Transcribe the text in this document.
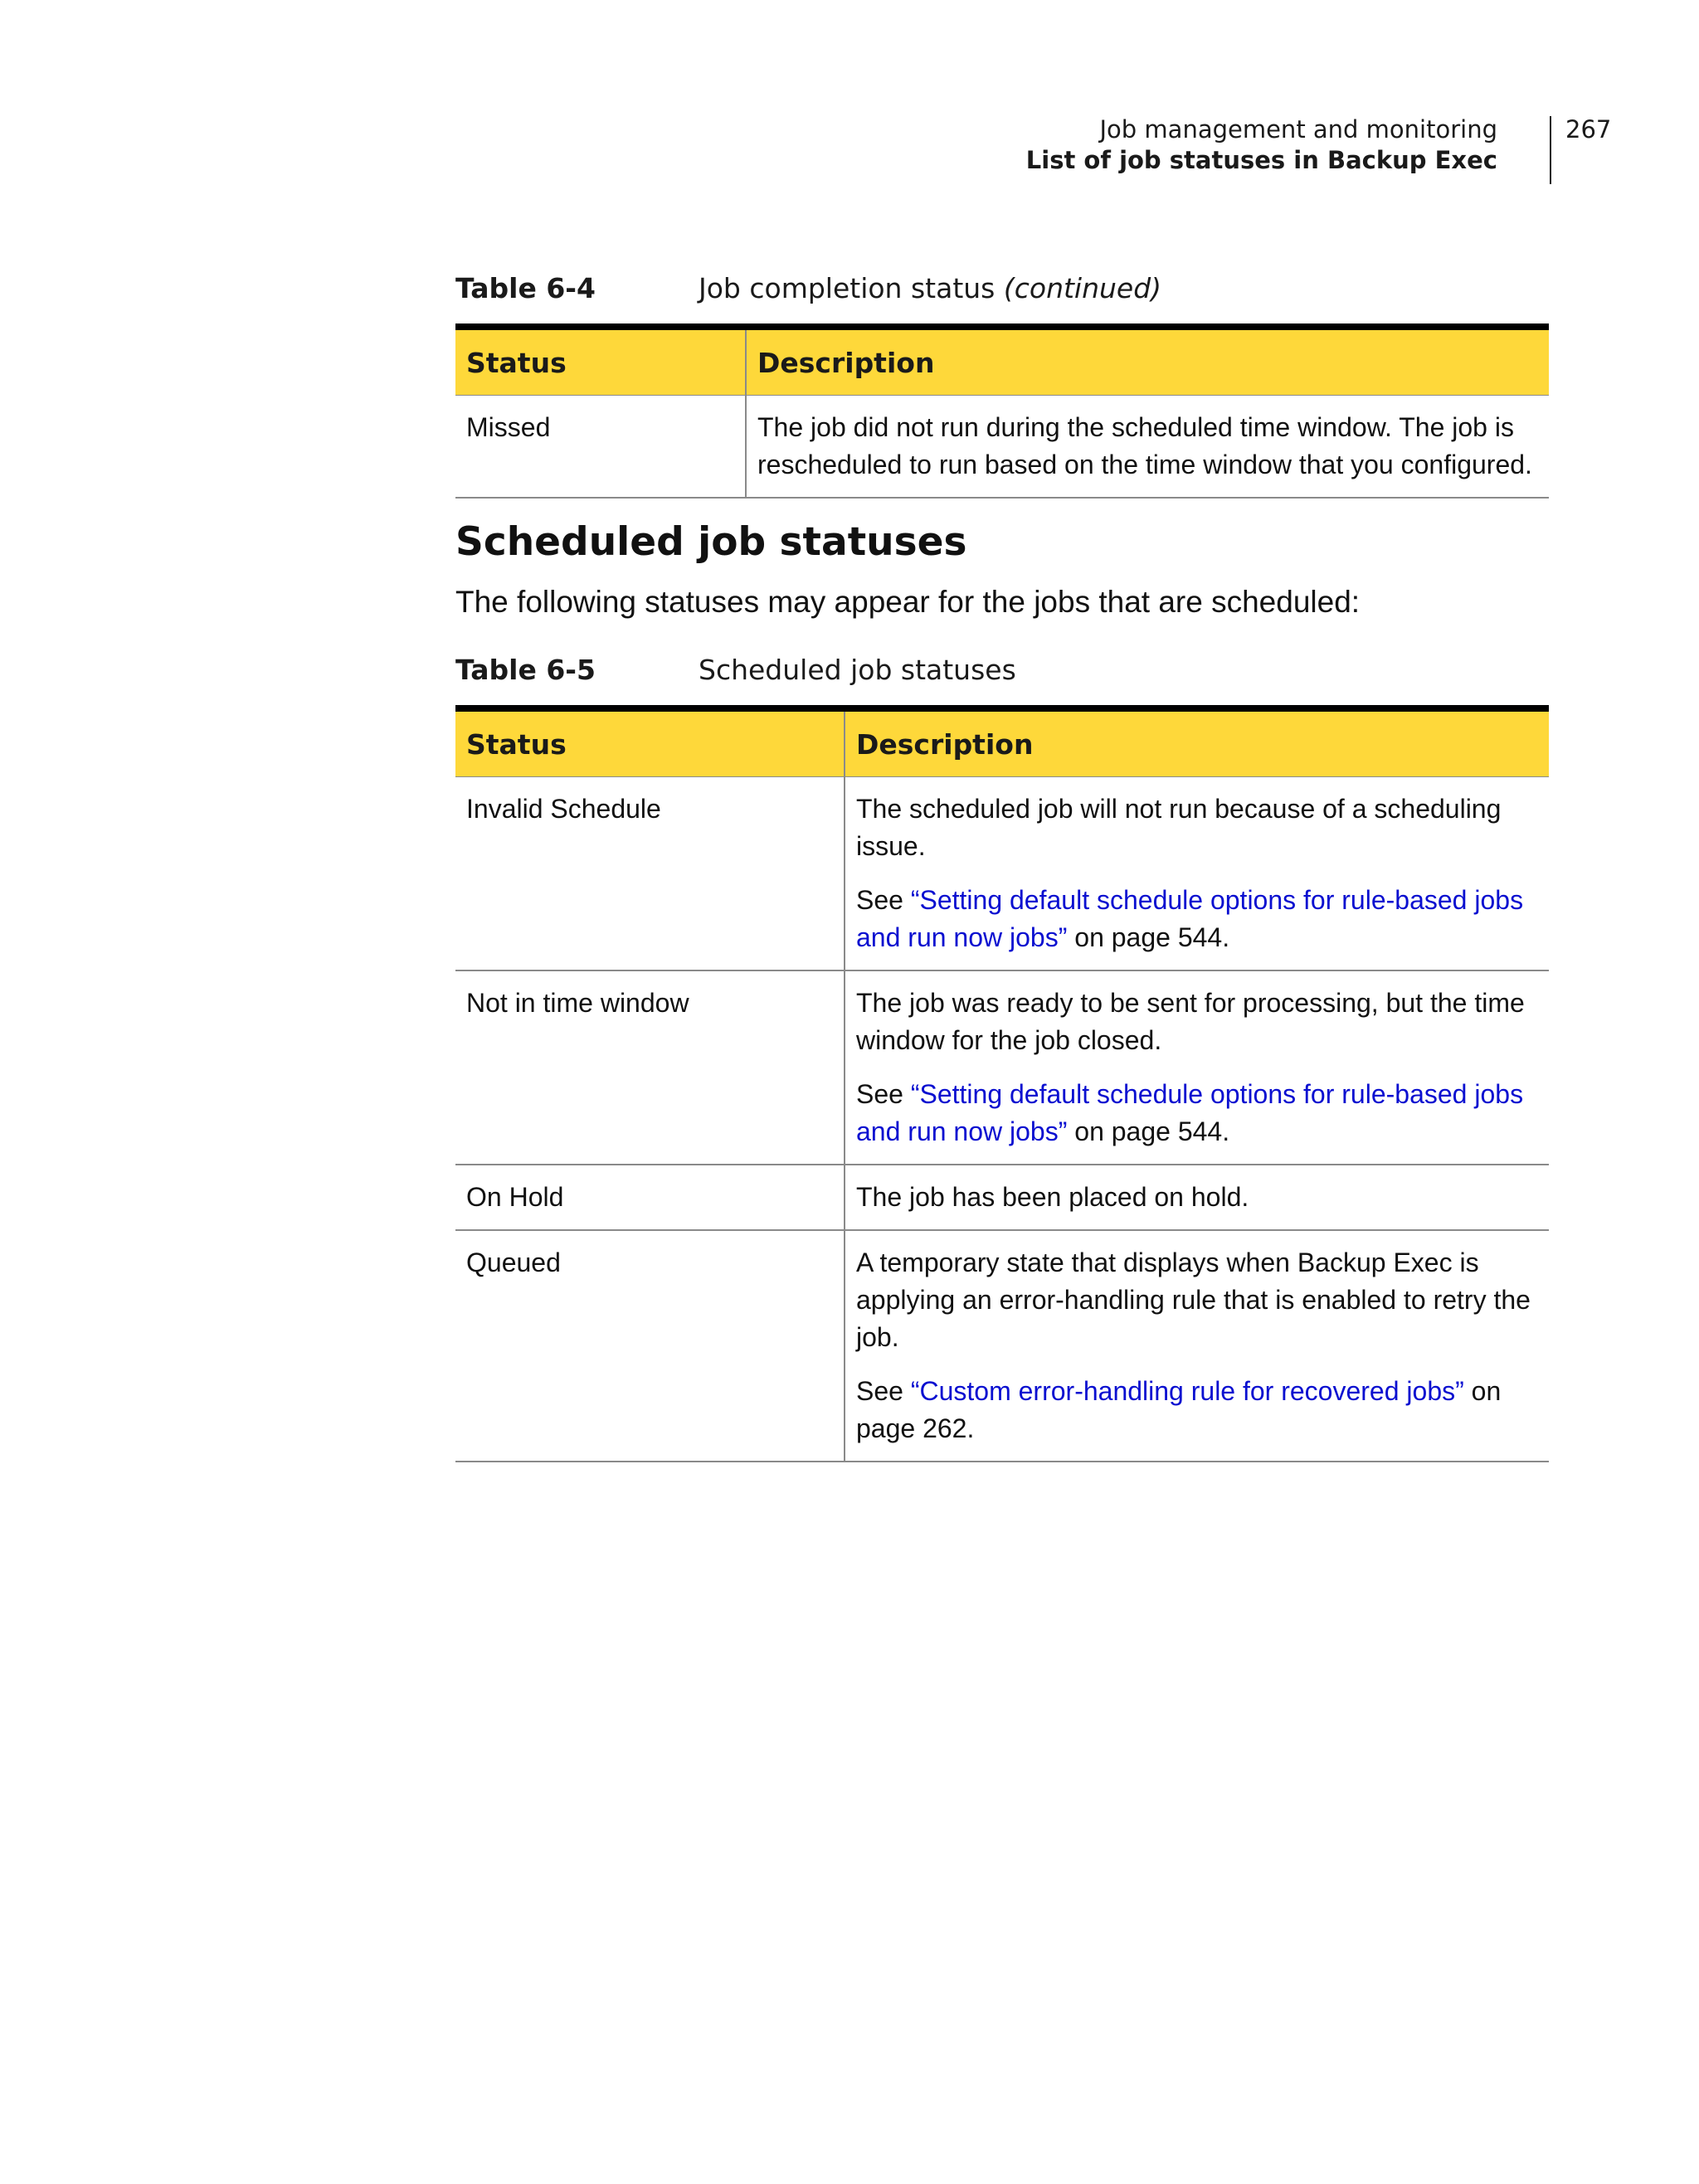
Job management and monitoring
List of job statuses in Backup Exec
267
Table 6-4	Job completion status (continued)
Status	Description
Missed	The job did not run during the scheduled time window. The job is rescheduled to run based on the time window that you configured.

Scheduled job statuses

The following statuses may appear for the jobs that are scheduled:

Table 6-5	Scheduled job statuses
Status	Description
Invalid Schedule	The scheduled job will not run because of a scheduling issue.

See “Setting default schedule options for rule-based jobs and run now jobs” on page 544.

Not in time window	The job was ready to be sent for processing, but the time window for the job closed.

See “Setting default schedule options for rule-based jobs and run now jobs” on page 544.

On Hold	The job has been placed on hold.

Queued	A temporary state that displays when Backup Exec is applying an error-handling rule that is enabled to retry the job.

See “Custom error-handling rule for recovered jobs” on page 262.
